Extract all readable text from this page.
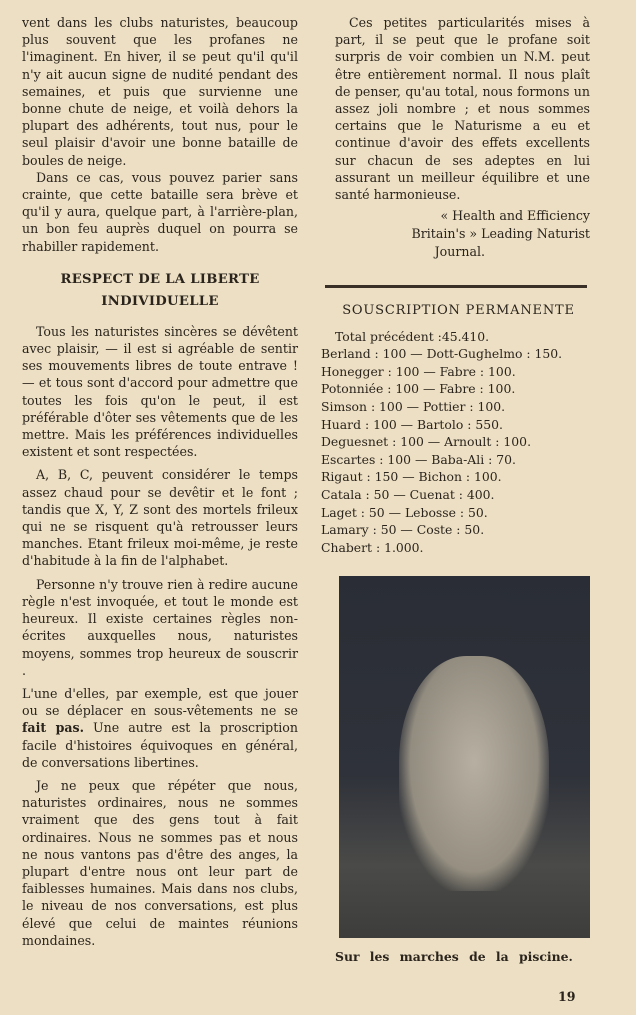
vent dans les clubs naturistes, beaucoup plus souvent que les profanes ne l'imaginent. En hiver, il se peut qu'il qu'il n'y ait aucun signe de nudité pendant des semaines, et puis que survienne une bonne chute de neige, et voilà dehors la plupart des adhérents, tout nus, pour le seul plaisir d'avoir une bonne bataille de boules de neige.

Dans ce cas, vous pouvez parier sans crainte, que cette bataille sera brève et qu'il y aura, quelque part, à l'arrière-plan, un bon feu auprès duquel on pourra se rhabiller rapidement.

RESPECT DE LA LIBERTE
INDIVIDUELLE

Tous les naturistes sincères se dévêtent avec plaisir, — il est si agréable de sentir ses mouvements libres de toute entrave ! — et tous sont d'accord pour admettre que toutes les fois qu'on le peut, il est préférable d'ôter ses vêtements que de les mettre. Mais les préférences individuelles existent et sont respectées.

A, B, C, peuvent considérer le temps assez chaud pour se devêtir et le font ; tandis que X, Y, Z sont des mortels frileux qui ne se risquent qu'à retrousser leurs manches. Etant frileux moi-même, je reste d'habitude à la fin de l'alphabet.

Personne n'y trouve rien à redire aucune règle n'est invoquée, et tout le monde est heureux. Il existe certaines règles non-écrites auxquelles nous, naturistes moyens, sommes trop heureux de souscrir .

L'une d'elles, par exemple, est que jouer ou se déplacer en sous-vêtements ne se fait pas. Une autre est la proscription facile d'histoires équivoques en général, de conversations libertines.

Je ne peux que répéter que nous, naturistes ordinaires, nous ne sommes vraiment que des gens tout à fait ordinaires. Nous ne sommes pas et nous ne nous vantons pas d'être des anges, la plupart d'entre nous ont leur part de faiblesses humaines. Mais dans nos clubs, le niveau de nos conversations, est plus élevé que celui de maintes réunions mondaines.

Ces petites particularités mises à part, il se peut que le profane soit surpris de voir combien un N.M. peut être entièrement normal. Il nous plaît de penser, qu'au total, nous formons un assez joli nombre ; et nous sommes certains que le Naturisme a eu et continue d'avoir des effets excellents sur chacun de ses adeptes en lui assurant un meilleur équilibre et une santé harmonieuse.

« Health and Efficiency
Britain's » Leading Naturist
Journal.
SOUSCRIPTION PERMANENTE
Total précédent :45.410.
Berland : 100 — Dott-Gughelmo : 150.
Honegger : 100 — Fabre : 100.
Potonniée : 100 — Fabre : 100.
Simson : 100 — Pottier : 100.
Huard : 100 — Bartolo : 550.
Deguesnet : 100 — Arnoult : 100.
Escartes : 100 — Baba-Ali : 70.
Rigaut : 150 — Bichon : 100.
Catala : 50 — Cuenat : 400.
Laget : 50 — Lebosse : 50.
Lamary : 50 — Coste : 50.
Chabert : 1.000.
Sur les marches de la piscine.
19
